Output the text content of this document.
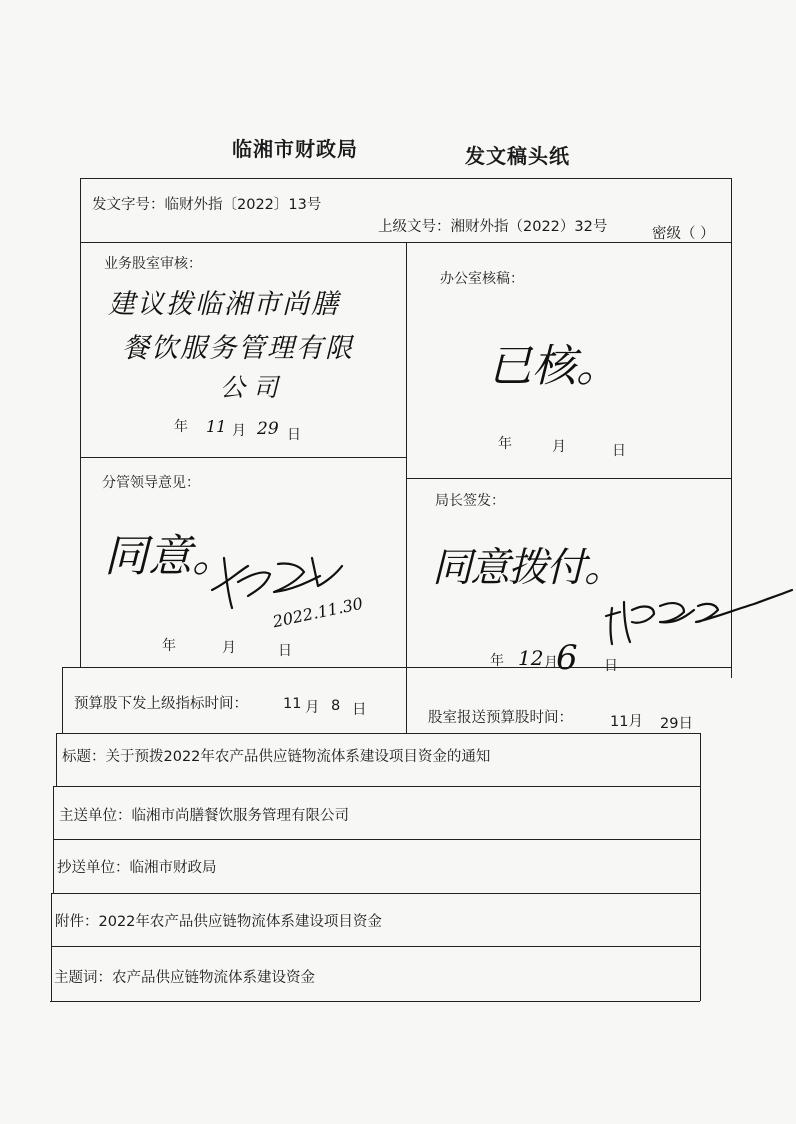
临湘市财政局	发文稿头纸
发文字号：临财外指〔2022〕13号
上级文号：湘财外指（2022）32号	密级（ ）
业务股室审核：
建议拨临湘市尚膳
餐饮服务管理有限
公司
年 11 月 29 日
办公室核稿：
已核。
年	月	日
分管领导意见：
同意。
2022.11.30
年	月	日
局长签发：
同意拨付。
年 12 月
6 日
预算股下发上级指标时间： 11 月 8 日	股室报送预算股时间：	11月 29日
标题：关于预拨2022年农产品供应链物流体系建设项目资金的通知
主送单位：临湘市尚膳餐饮服务管理有限公司
抄送单位：临湘市财政局
附件：2022年农产品供应链物流体系建设项目资金
主题词：农产品供应链物流体系建设资金
